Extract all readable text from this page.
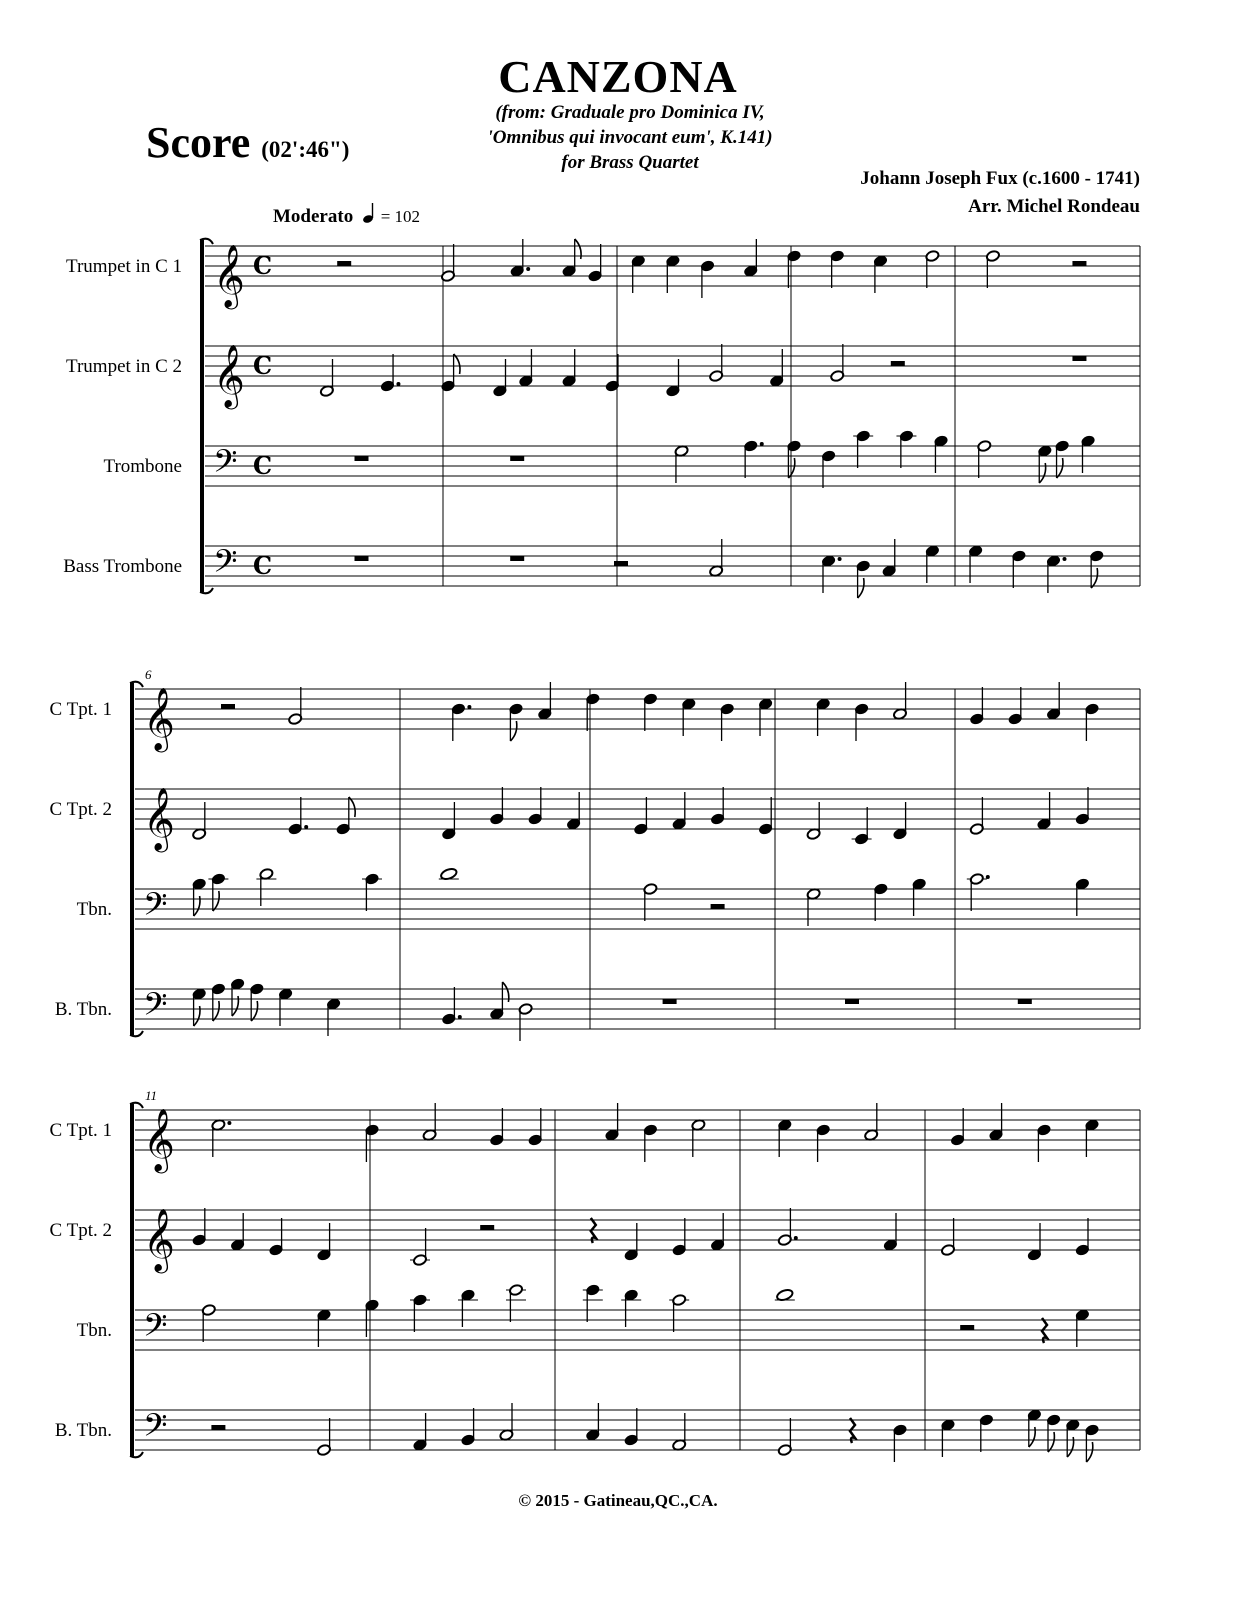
CANZONA
(from: Graduale pro Dominica IV,
'Omnibus qui invocant eum', K.141)
for Brass Quartet
Score (02':46")
Johann Joseph Fux (c.1600 - 1741)
Arr. Michel Rondeau
Moderato = 102
Trumpet in C 1 𝄞 C
Trumpet in C 2 𝄞 C
Trombone 𝄢 C
Bass Trombone 𝄢 C
6
C Tpt. 1 𝄞
C Tpt. 2 𝄞
Tbn. 𝄢
B. Tbn. 𝄢
11
C Tpt. 1 𝄞
C Tpt. 2 𝄞
Tbn. 𝄢
B. Tbn. 𝄢
© 2015 - Gatineau,QC.,CA.
